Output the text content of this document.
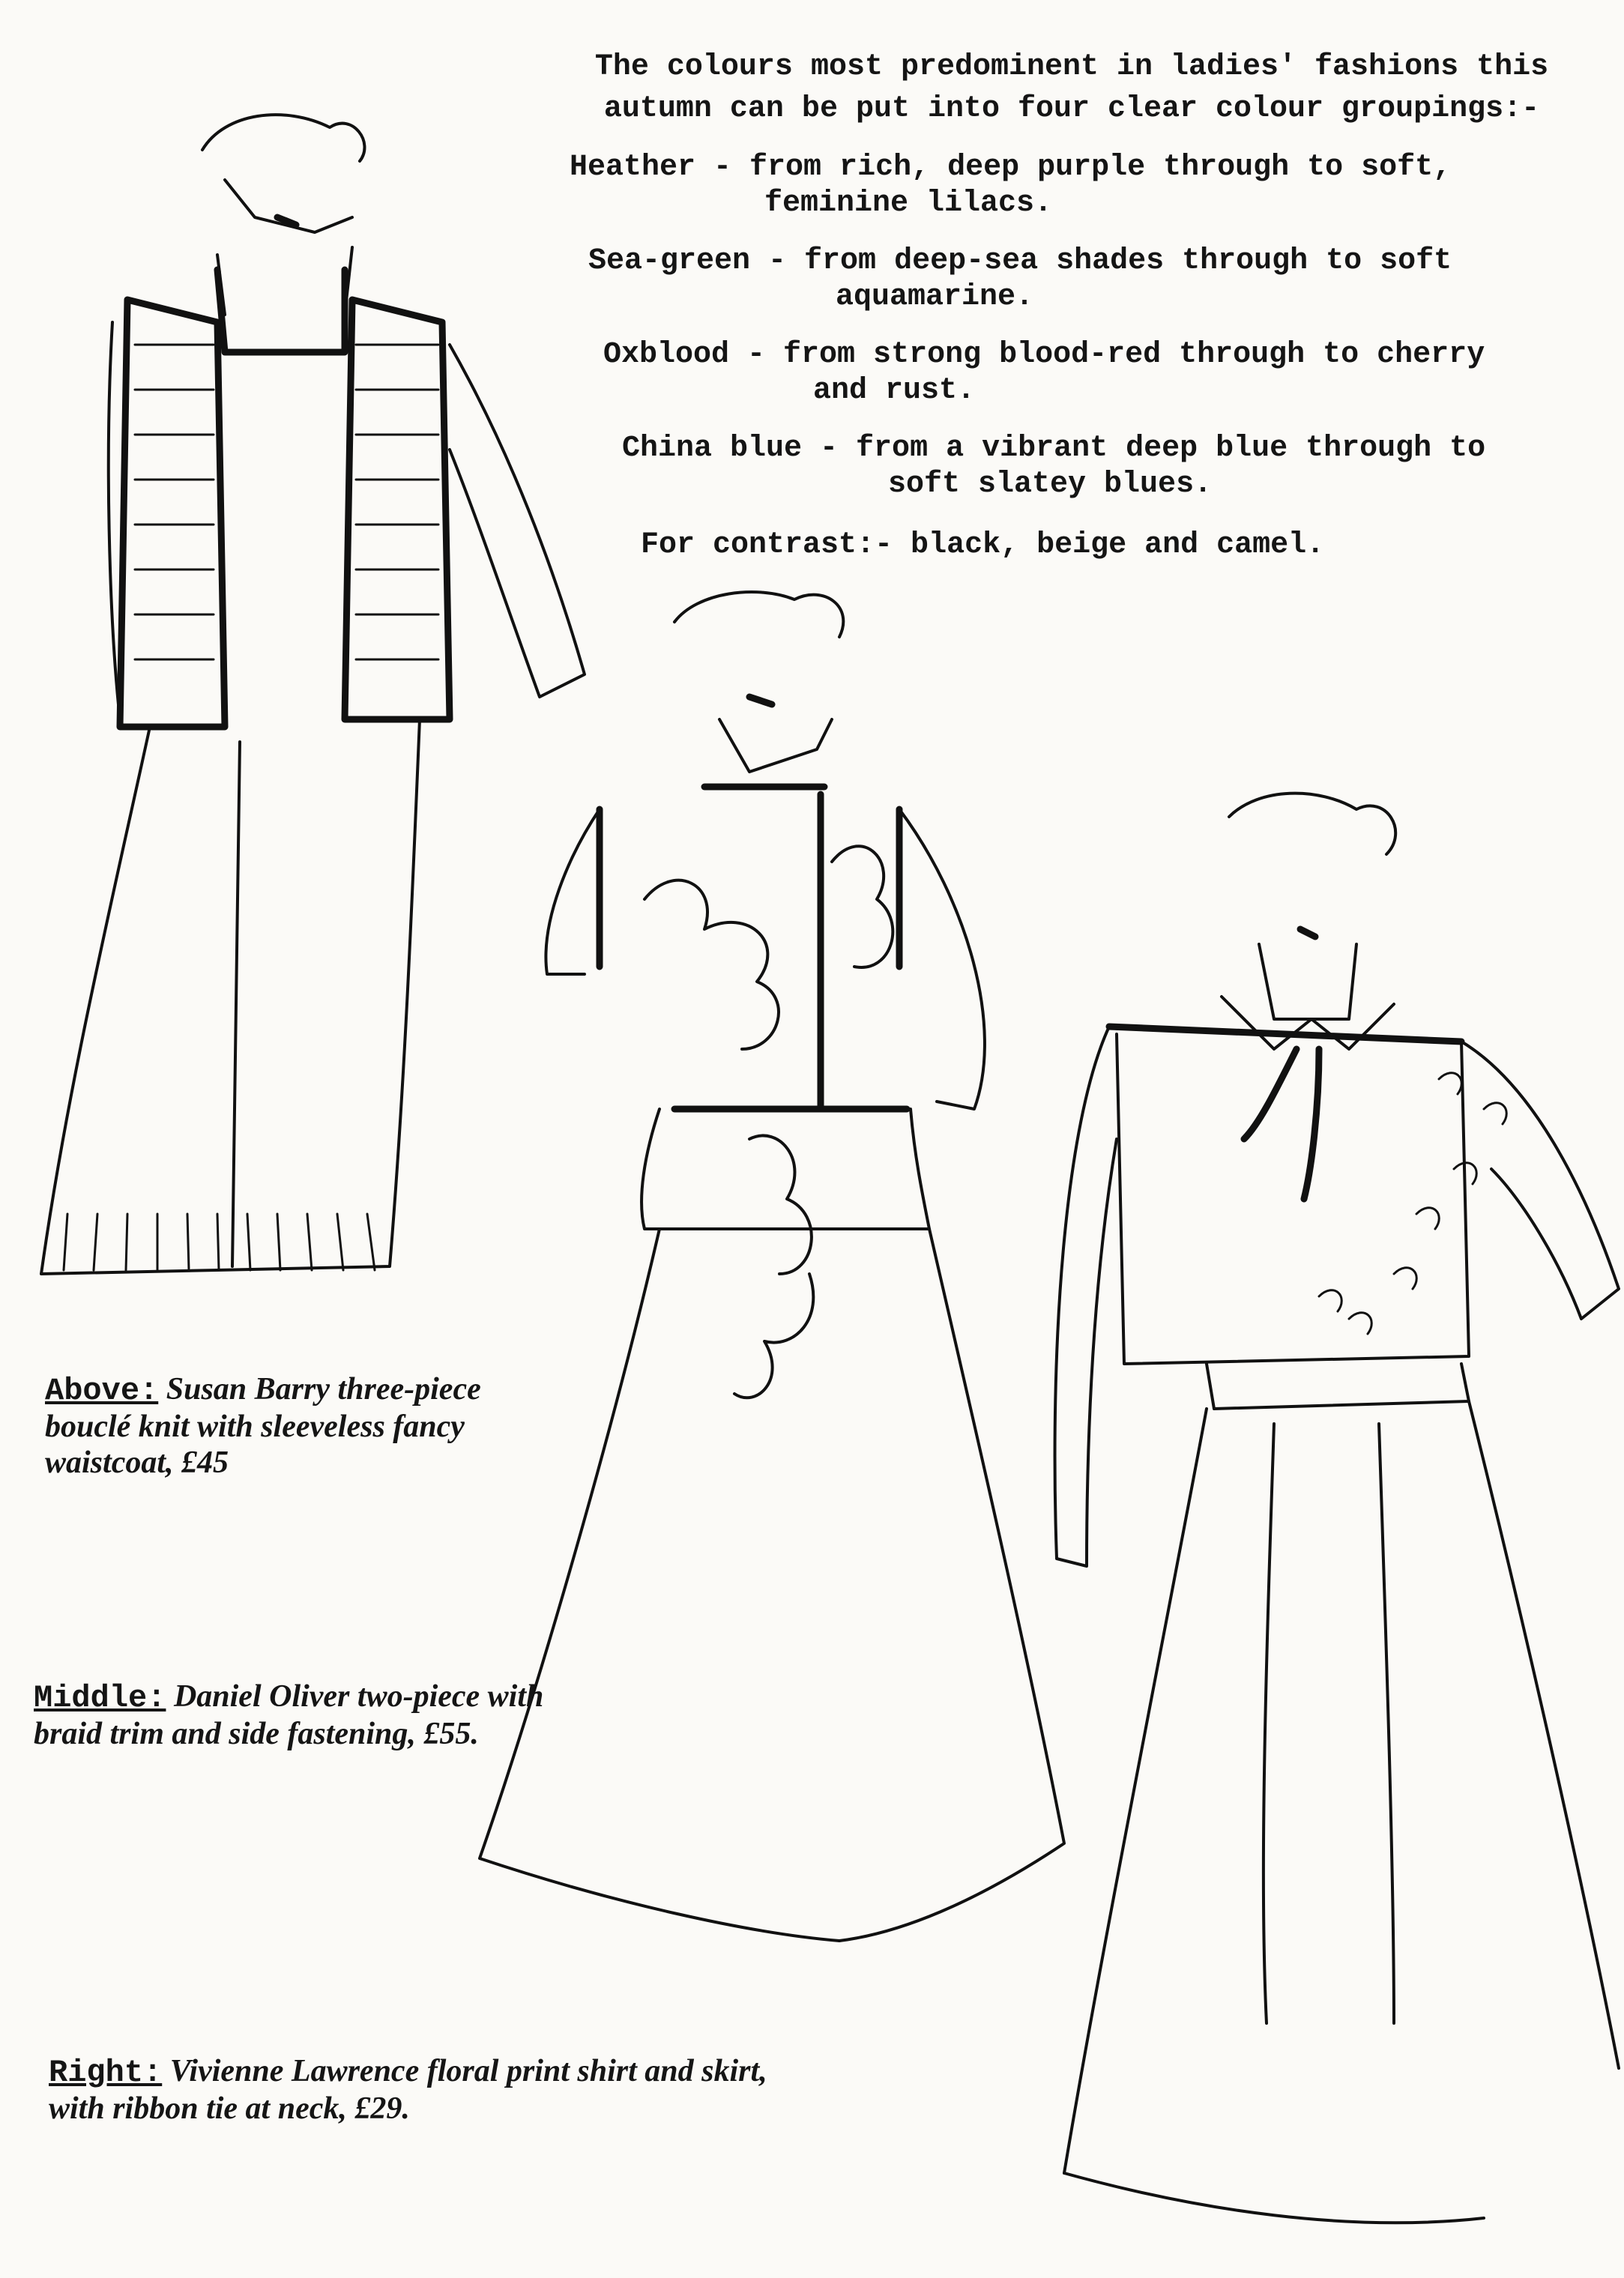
The colours most predominent in ladies' fashions this autumn can be put into four clear colour groupings:-

Heather - from rich, deep purple through to soft,
feminine lilacs.
Sea-green - from deep-sea shades through to soft
aquamarine.
Oxblood - from strong blood-red through to cherry
and rust.
China blue - from a vibrant deep blue through to
soft slatey blues.
For contrast:- black, beige and camel.
Above: Susan Barry three-piece bouclé knit with sleeveless fancy waistcoat, £45
Middle: Daniel Oliver two-piece with braid trim and side fastening, £55.
Right: Vivienne Lawrence floral print shirt and skirt, with ribbon tie at neck, £29.
